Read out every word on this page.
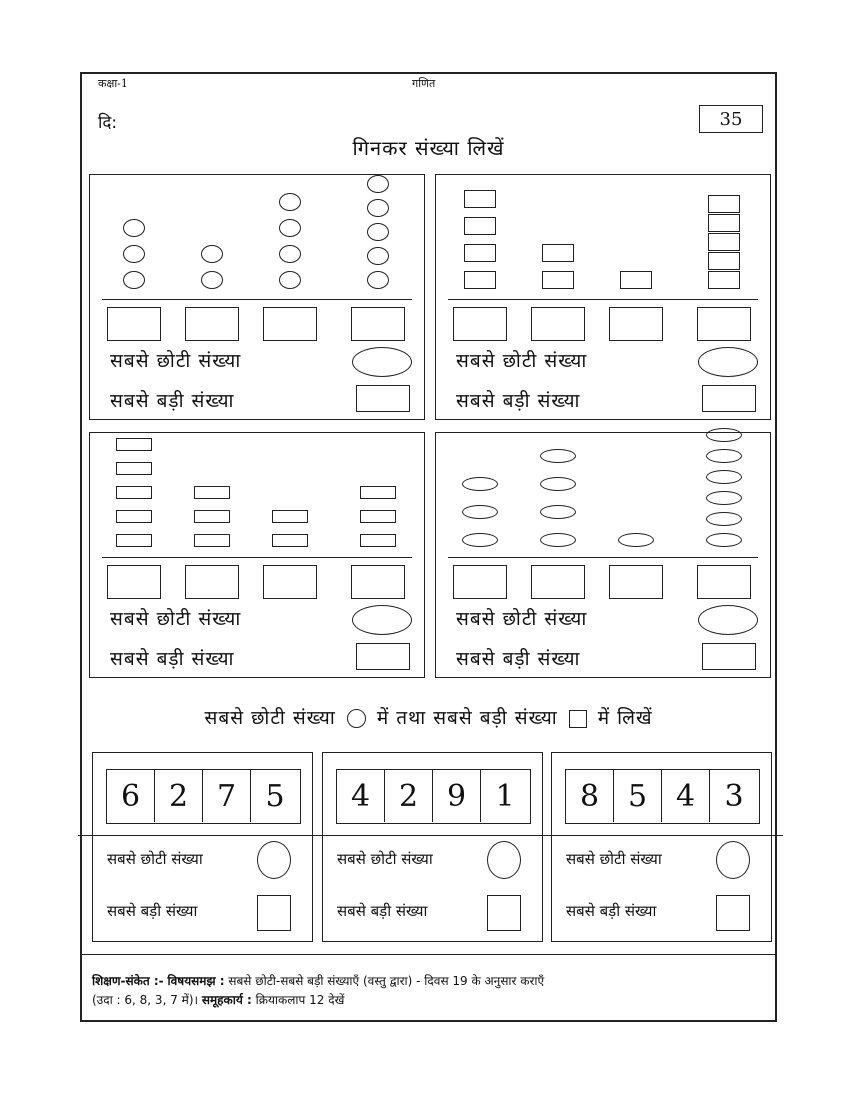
कक्षा-1	गणित
दि:	35
गिनकर संख्या लिखें
सबसे छोटी संख्या
सबसे बड़ी संख्या
सबसे छोटी संख्या
सबसे बड़ी संख्या
सबसे छोटी संख्या
सबसे बड़ी संख्या
सबसे छोटी संख्या
सबसे बड़ी संख्या
सबसे छोटी संख्या में तथा सबसे बड़ी संख्या में लिखें
6 2 7 5
सबसे छोटी संख्या
सबसे बड़ी संख्या
4 2 9 1
सबसे छोटी संख्या
सबसे बड़ी संख्या
8 5 4 3
सबसे छोटी संख्या
सबसे बड़ी संख्या
शिक्षण-संकेत :- विषयसमझ : सबसे छोटी-सबसे बड़ी संख्याएँ (वस्तु द्वारा) - दिवस 19 के अनुसार कराएँ
(उदा : 6, 8, 3, 7 में)। समूहकार्य : क्रियाकलाप 12 देखें
